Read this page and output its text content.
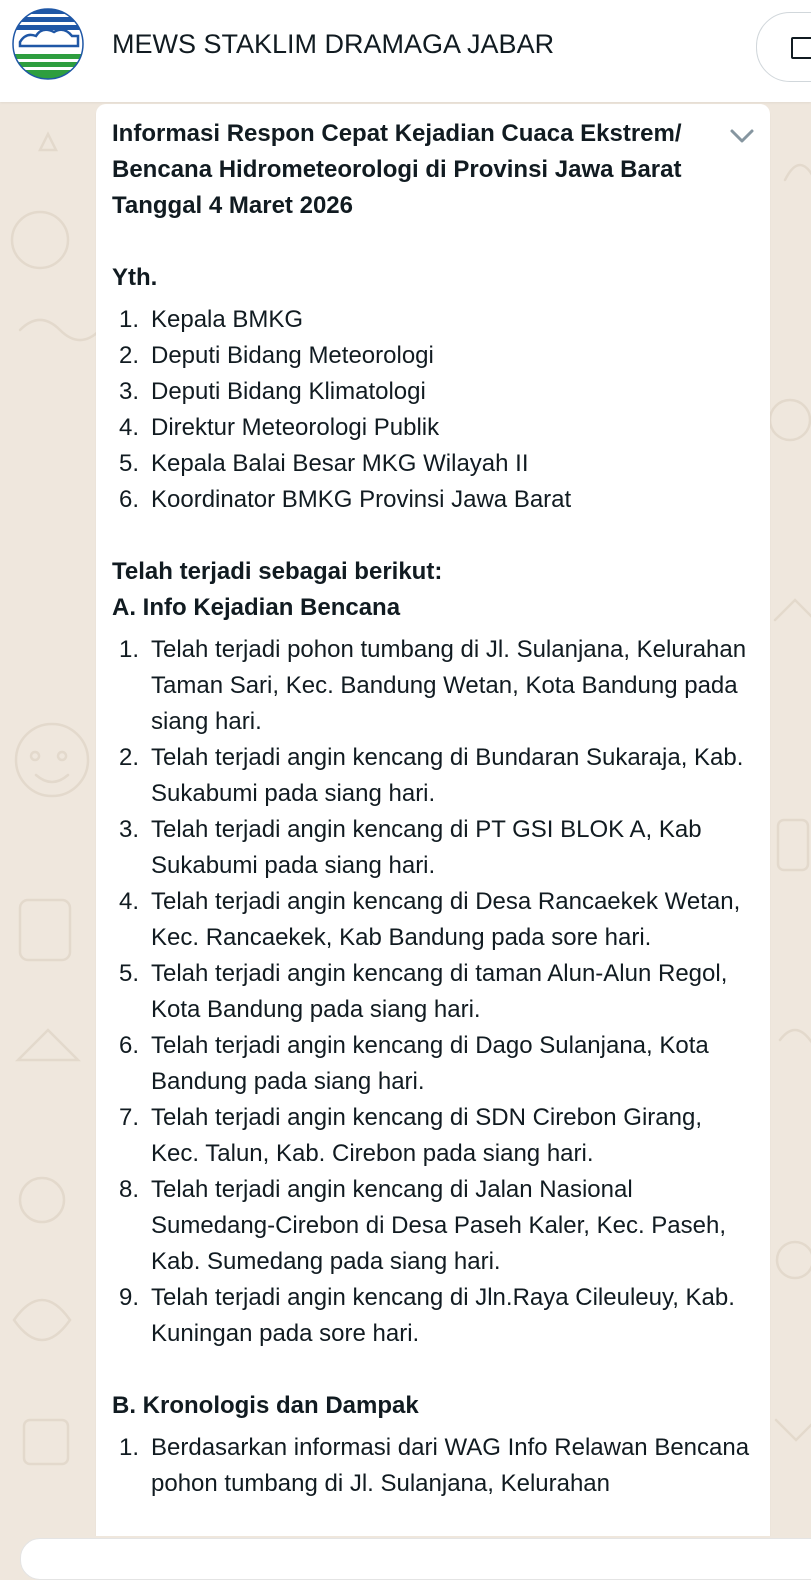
MEWS STAKLIM DRAMAGA JABAR
Informasi Respon Cepat Kejadian Cuaca Ekstrem/
Bencana Hidrometeorologi di Provinsi Jawa Barat
Tanggal 4 Maret 2026
Yth.
1. Kepala BMKG
2. Deputi Bidang Meteorologi
3. Deputi Bidang Klimatologi
4. Direktur Meteorologi Publik
5. Kepala Balai Besar MKG Wilayah II
6. Koordinator BMKG Provinsi Jawa Barat
Telah terjadi sebagai berikut:
A. Info Kejadian Bencana
1. Telah terjadi pohon tumbang di Jl. Sulanjana, Kelurahan Taman Sari, Kec. Bandung Wetan, Kota Bandung pada siang hari.
2. Telah terjadi angin kencang di Bundaran Sukaraja, Kab. Sukabumi pada siang hari.
3. Telah terjadi angin kencang di PT GSI BLOK A, Kab Sukabumi pada siang hari.
4. Telah terjadi angin kencang di Desa Rancaekek Wetan, Kec. Rancaekek, Kab Bandung pada sore hari.
5. Telah terjadi angin kencang di taman Alun-Alun Regol, Kota Bandung pada siang hari.
6. Telah terjadi angin kencang di Dago Sulanjana, Kota Bandung pada siang hari.
7. Telah terjadi angin kencang di SDN Cirebon Girang, Kec. Talun, Kab. Cirebon pada siang hari.
8. Telah terjadi angin kencang di Jalan Nasional Sumedang-Cirebon di Desa Paseh Kaler, Kec. Paseh, Kab. Sumedang pada siang hari.
9. Telah terjadi angin kencang di Jln.Raya Cileuleuy, Kab. Kuningan pada sore hari.
B. Kronologis dan Dampak
1. Berdasarkan informasi dari WAG Info Relawan Bencana pohon tumbang di Jl. Sulanjana, Kelurahan
